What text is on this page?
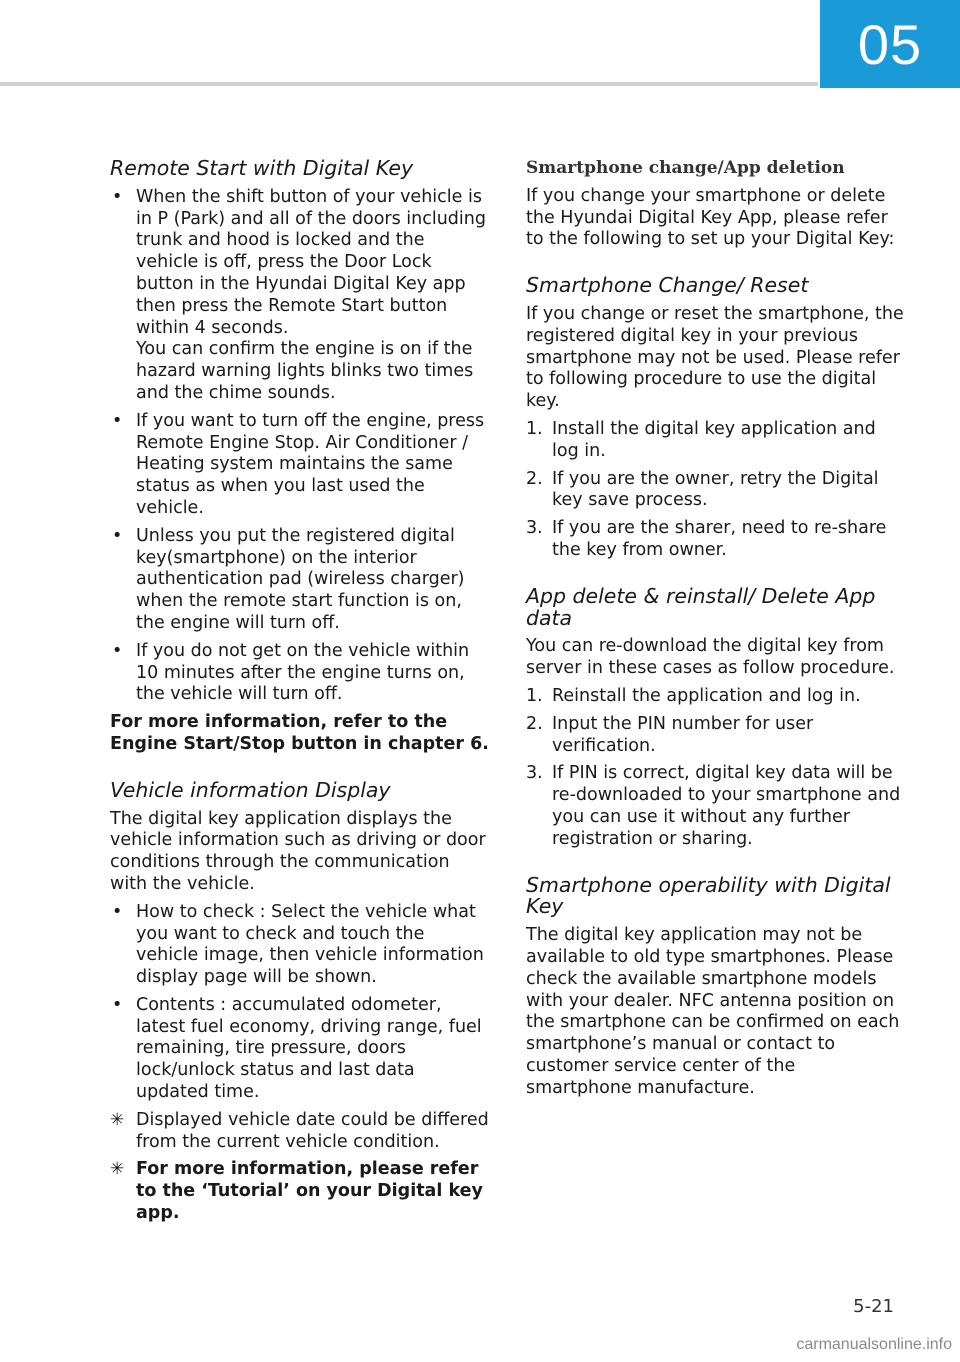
05
Remote Start with Digital Key
• When the shift button of your vehicle is in P (Park) and all of the doors including trunk and hood is locked and the vehicle is off, press the Door Lock button in the Hyundai Digital Key app then press the Remote Start button within 4 seconds.
You can confirm the engine is on if the hazard warning lights blinks two times and the chime sounds.
• If you want to turn off the engine, press Remote Engine Stop. Air Conditioner / Heating system maintains the same status as when you last used the vehicle.
• Unless you put the registered digital key(smartphone) on the interior authentication pad (wireless charger) when the remote start function is on, the engine will turn off.
• If you do not get on the vehicle within 10 minutes after the engine turns on, the vehicle will turn off.

For more information, refer to the Engine Start/Stop button in chapter 6.

Vehicle information Display

The digital key application displays the vehicle information such as driving or door conditions through the communication with the vehicle.

• How to check : Select the vehicle what you want to check and touch the vehicle image, then vehicle information display page will be shown.
• Contents : accumulated odometer, latest fuel economy, driving range, fuel remaining, tire pressure, doors lock/unlock status and last data updated time.
✳ Displayed vehicle date could be differed from the current vehicle condition.
✳ For more information, please refer to the ‘Tutorial’ on your Digital key app.
Smartphone change/App deletion

If you change your smartphone or delete the Hyundai Digital Key App, please refer to the following to set up your Digital Key:

Smartphone Change/ Reset

If you change or reset the smartphone, the registered digital key in your previous smartphone may not be used. Please refer to following procedure to use the digital key.

1. Install the digital key application and log in.
2. If you are the owner, retry the Digital key save process.
3. If you are the sharer, need to re-share the key from owner.
App delete & reinstall/ Delete App data

You can re-download the digital key from server in these cases as follow procedure.

1. Reinstall the application and log in.
2. Input the PIN number for user verification.
3. If PIN is correct, digital key data will be re-downloaded to your smartphone and you can use it without any further registration or sharing.
Smartphone operability with Digital Key

The digital key application may not be available to old type smartphones. Please check the available smartphone models with your dealer. NFC antenna position on the smartphone can be confirmed on each smartphone’s manual or contact to customer service center of the smartphone manufacture.

5-21
carmanualsonline.info
